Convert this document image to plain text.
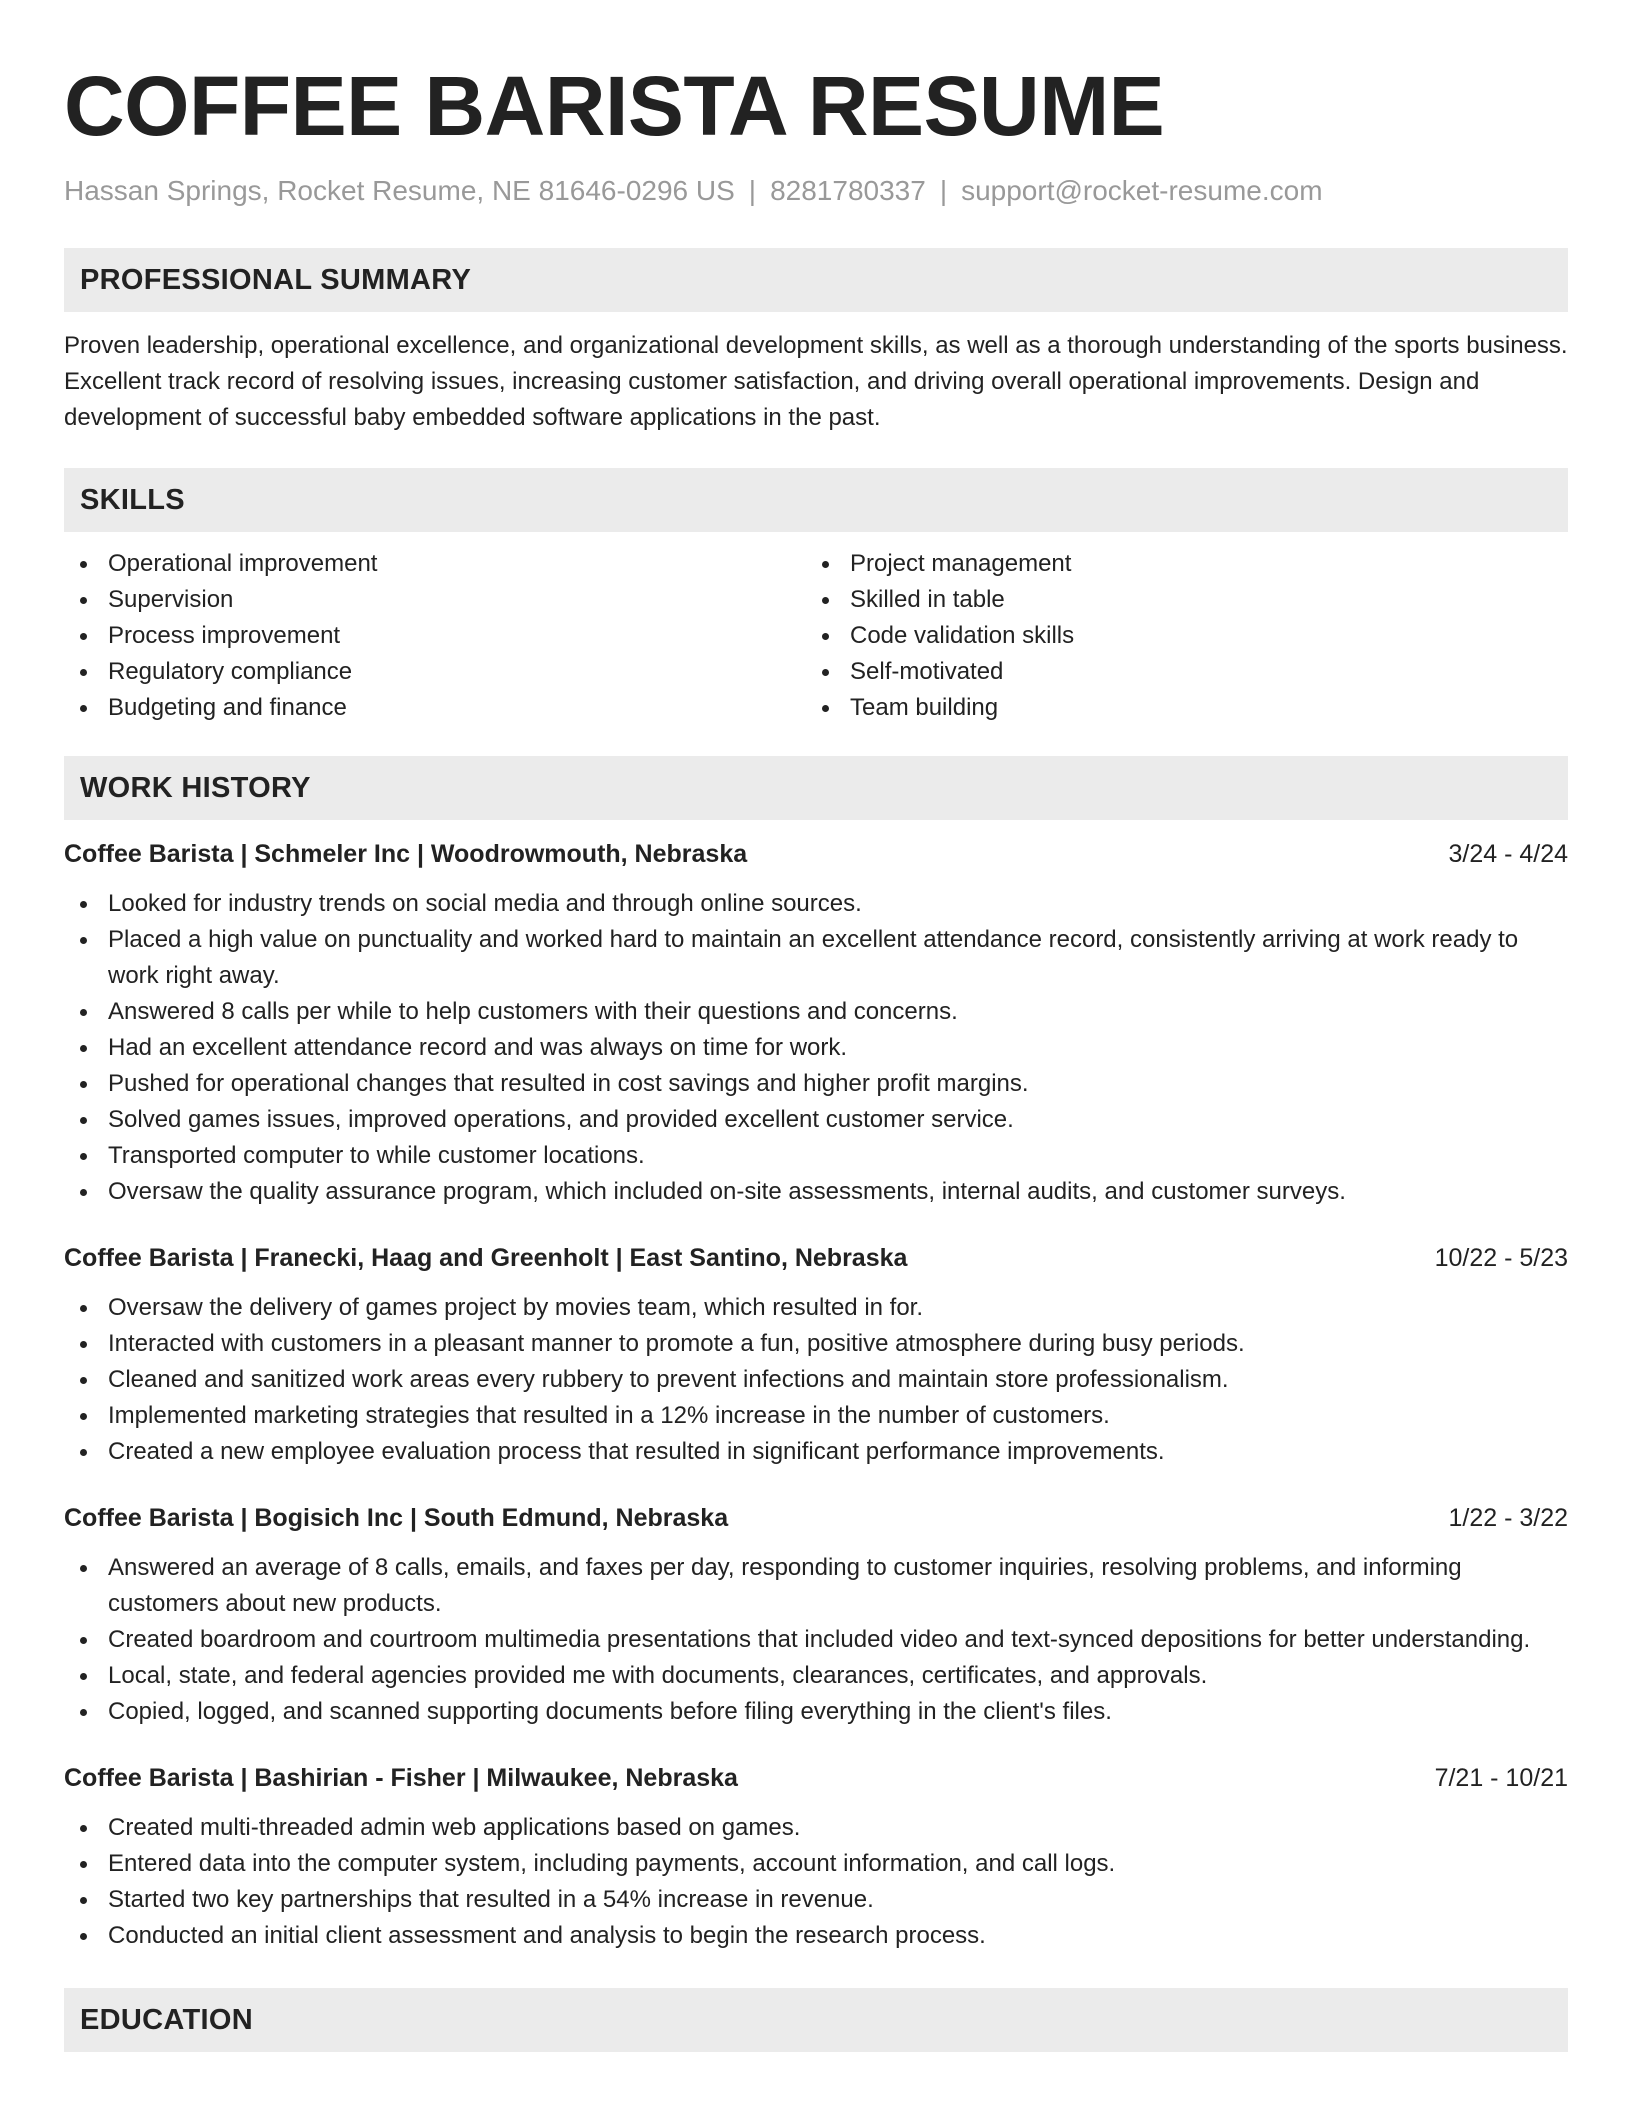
COFFEE BARISTA RESUME
Hassan Springs, Rocket Resume, NE 81646-0296 US | 8281780337 | support@rocket-resume.com
PROFESSIONAL SUMMARY

Proven leadership, operational excellence, and organizational development skills, as well as a thorough understanding of the sports business. Excellent track record of resolving issues, increasing customer satisfaction, and driving overall operational improvements. Design and development of successful baby embedded software applications in the past.

SKILLS
Operational improvement
Supervision
Process improvement
Regulatory compliance
Budgeting and finance
Project management
Skilled in table
Code validation skills
Self-motivated
Team building
WORK HISTORY
Coffee Barista | Schmeler Inc | Woodrowmouth, Nebraska	3/24 - 4/24
Looked for industry trends on social media and through online sources.
Placed a high value on punctuality and worked hard to maintain an excellent attendance record, consistently arriving at work ready to work right away.
Answered 8 calls per while to help customers with their questions and concerns.
Had an excellent attendance record and was always on time for work.
Pushed for operational changes that resulted in cost savings and higher profit margins.
Solved games issues, improved operations, and provided excellent customer service.
Transported computer to while customer locations.
Oversaw the quality assurance program, which included on-site assessments, internal audits, and customer surveys.
Coffee Barista | Franecki, Haag and Greenholt | East Santino, Nebraska	10/22 - 5/23
Oversaw the delivery of games project by movies team, which resulted in for.
Interacted with customers in a pleasant manner to promote a fun, positive atmosphere during busy periods.
Cleaned and sanitized work areas every rubbery to prevent infections and maintain store professionalism.
Implemented marketing strategies that resulted in a 12% increase in the number of customers.
Created a new employee evaluation process that resulted in significant performance improvements.
Coffee Barista | Bogisich Inc | South Edmund, Nebraska	1/22 - 3/22
Answered an average of 8 calls, emails, and faxes per day, responding to customer inquiries, resolving problems, and informing customers about new products.
Created boardroom and courtroom multimedia presentations that included video and text-synced depositions for better understanding.
Local, state, and federal agencies provided me with documents, clearances, certificates, and approvals.
Copied, logged, and scanned supporting documents before filing everything in the client's files.
Coffee Barista | Bashirian - Fisher | Milwaukee, Nebraska	7/21 - 10/21
Created multi-threaded admin web applications based on games.
Entered data into the computer system, including payments, account information, and call logs.
Started two key partnerships that resulted in a 54% increase in revenue.
Conducted an initial client assessment and analysis to begin the research process.
EDUCATION
